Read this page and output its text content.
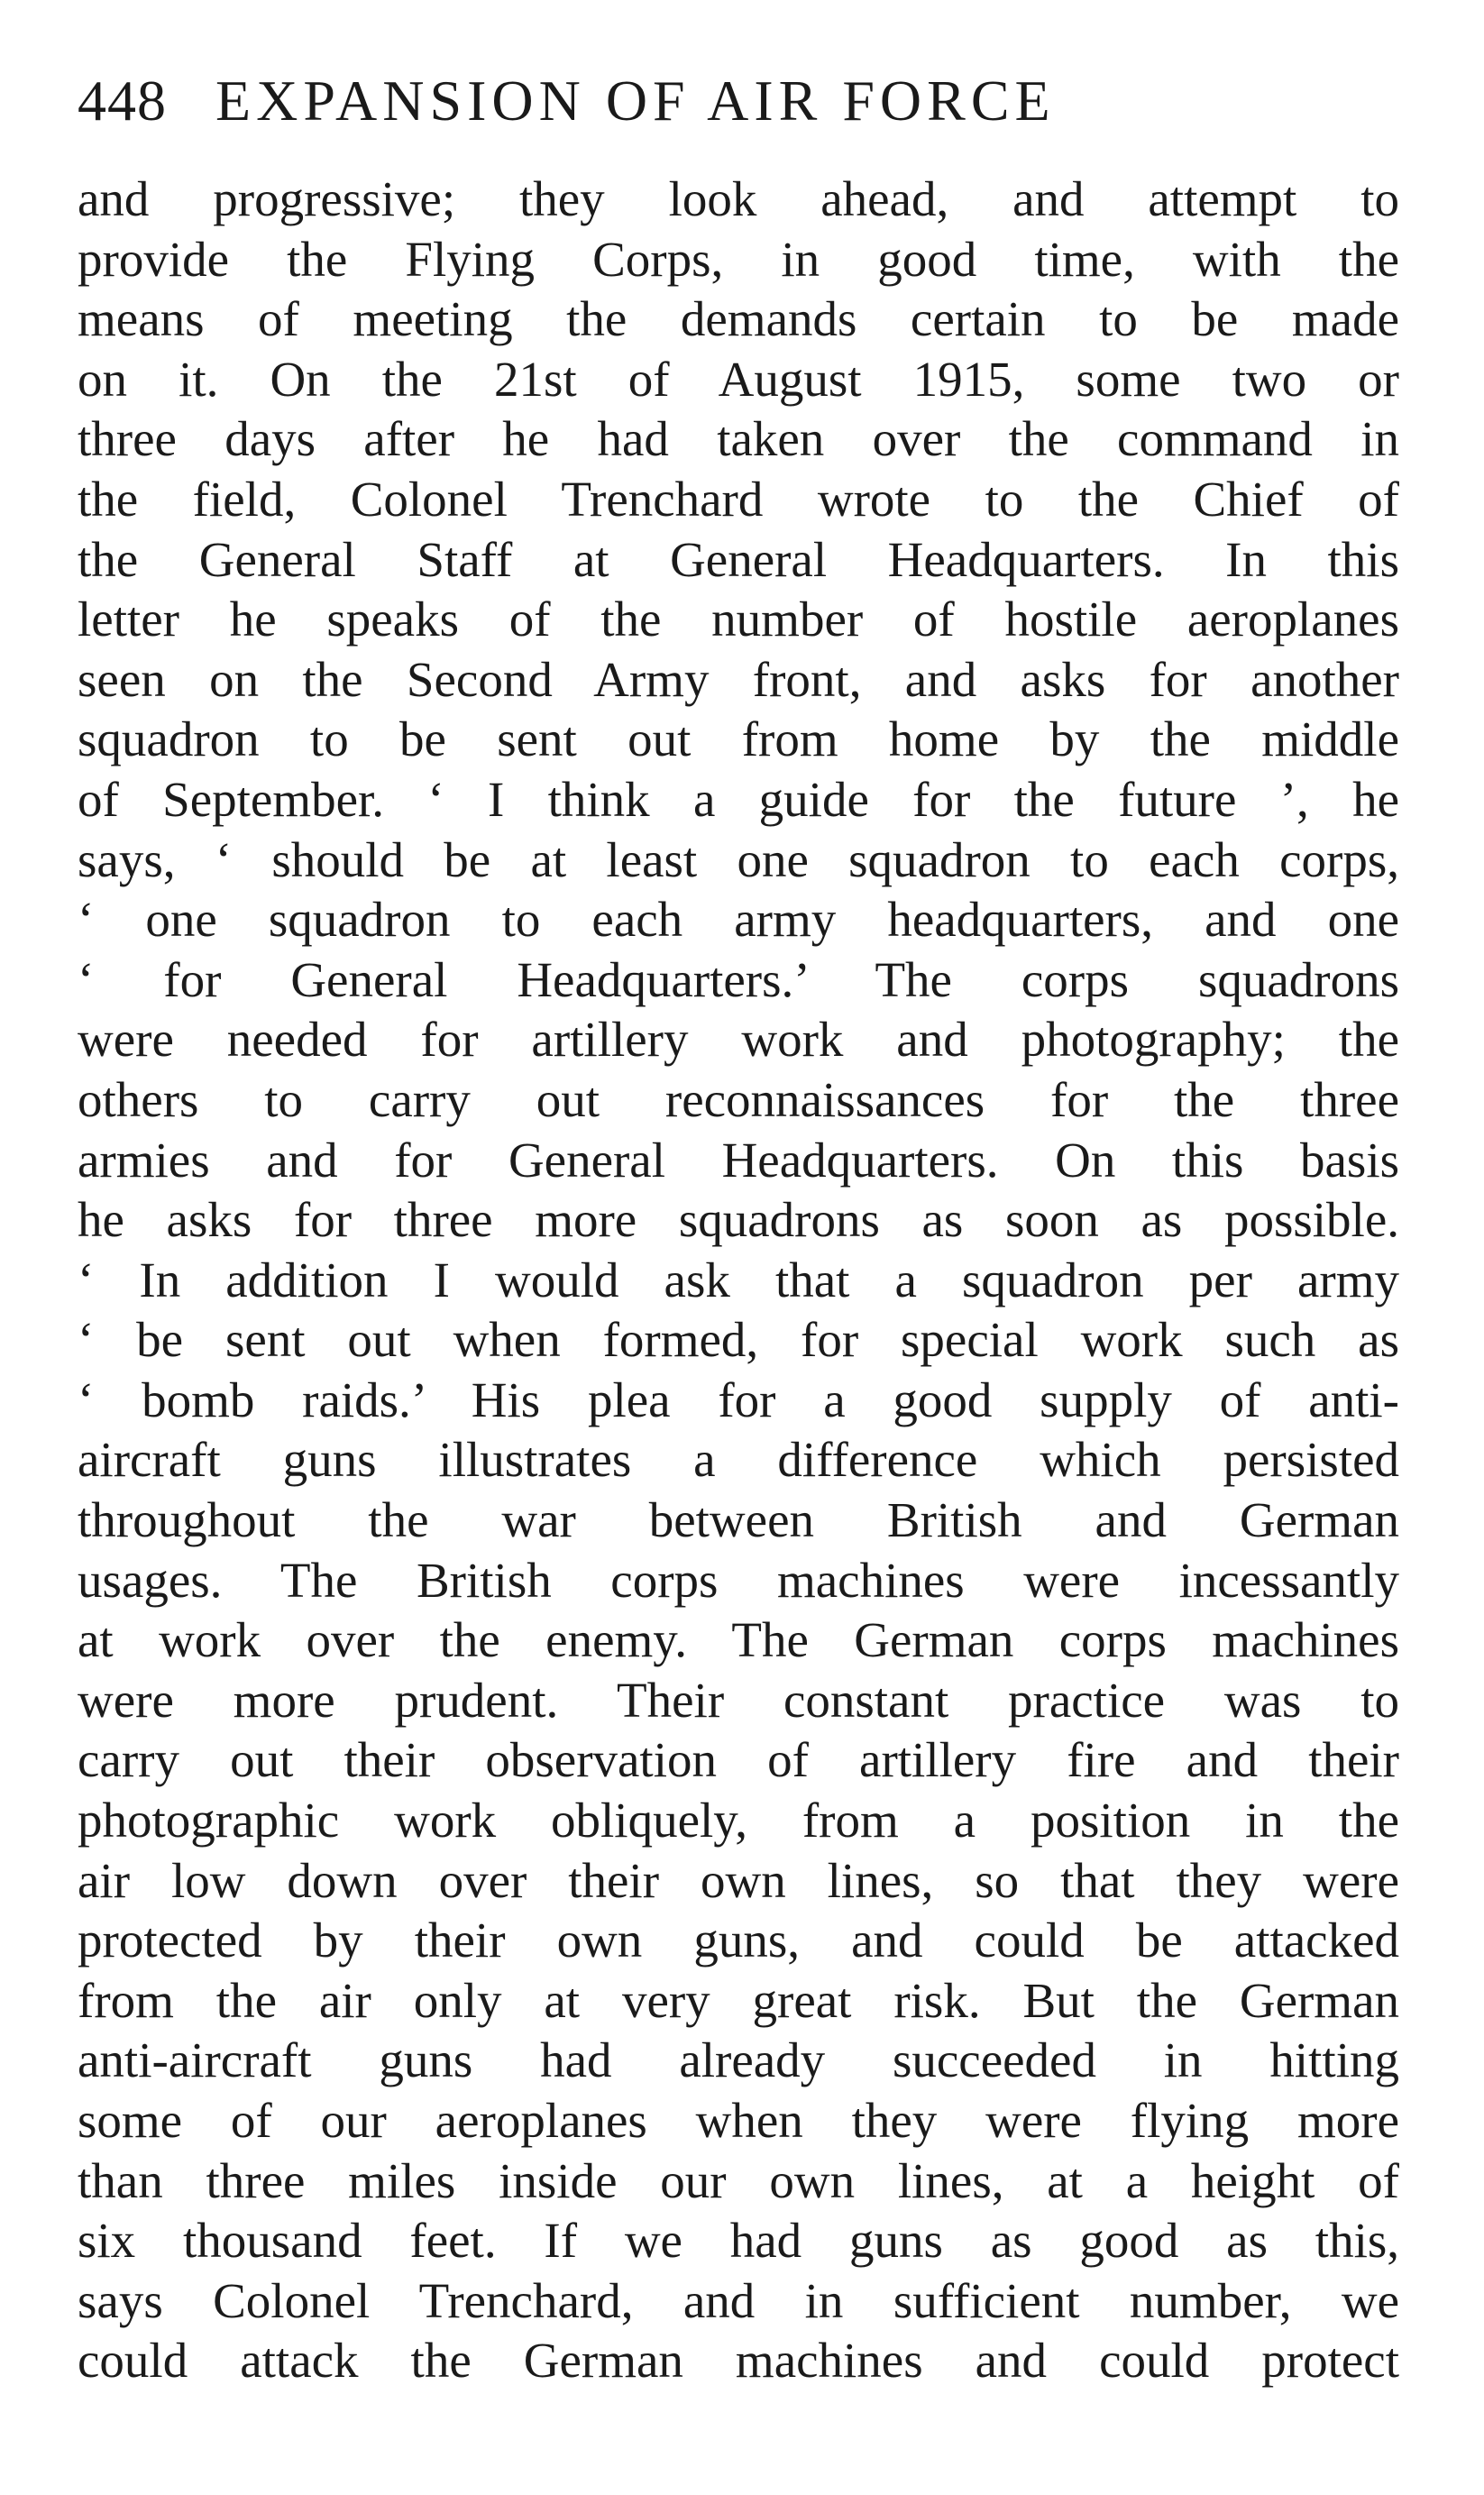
448 EXPANSION OF AIR FORCE
and progressive; they look ahead, and attempt to
provide the Flying Corps, in good time, with the
means of meeting the demands certain to be made
on it. On the 21st of August 1915, some two or
three days after he had taken over the command in
the field, Colonel Trenchard wrote to the Chief of
the General Staff at General Headquarters. In this
letter he speaks of the number of hostile aeroplanes
seen on the Second Army front, and asks for another
squadron to be sent out from home by the middle
of September. ‘ I think a guide for the future ’, he
says, ‘ should be at least one squadron to each corps,
‘ one squadron to each army headquarters, and one
‘ for General Headquarters.’ The corps squadrons
were needed for artillery work and photography; the
others to carry out reconnaissances for the three
armies and for General Headquarters. On this basis
he asks for three more squadrons as soon as possible.
‘ In addition I would ask that a squadron per army
‘ be sent out when formed, for special work such as
‘ bomb raids.’ His plea for a good supply of anti-
aircraft guns illustrates a difference which persisted
throughout the war between British and German
usages. The British corps machines were incessantly
at work over the enemy. The German corps machines
were more prudent. Their constant practice was to
carry out their observation of artillery fire and their
photographic work obliquely, from a position in the
air low down over their own lines, so that they were
protected by their own guns, and could be attacked
from the air only at very great risk. But the German
anti-aircraft guns had already succeeded in hitting
some of our aeroplanes when they were flying more
than three miles inside our own lines, at a height of
six thousand feet. If we had guns as good as this,
says Colonel Trenchard, and in sufficient number, we
could attack the German machines and could protect
